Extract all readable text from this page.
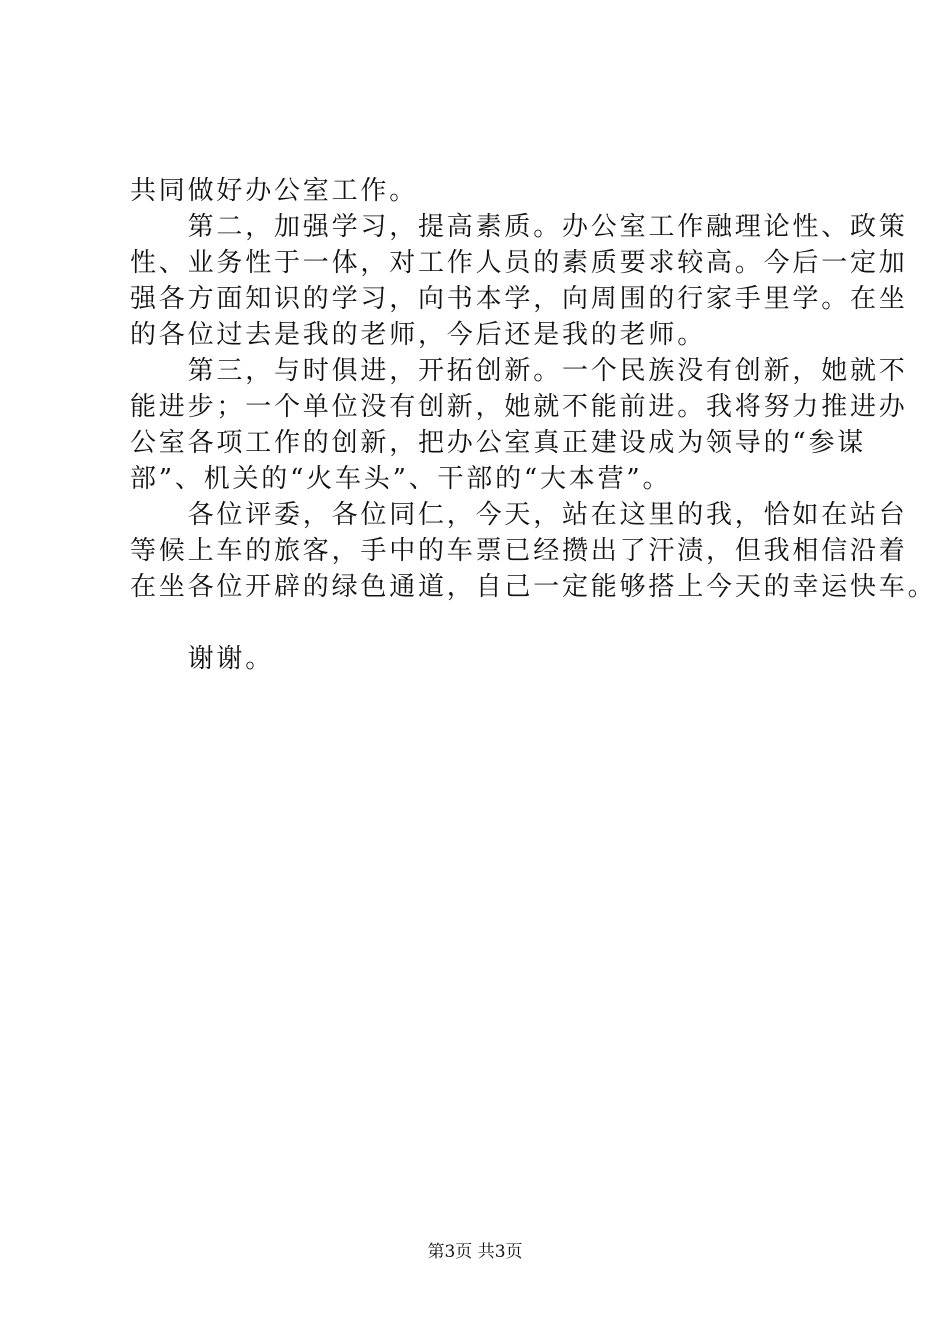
共同做好办公室工作。
　　第二，加强学习，提高素质。办公室工作融理论性、政策
性、业务性于一体，对工作人员的素质要求较高。今后一定加
强各方面知识的学习，向书本学，向周围的行家手里学。在坐
的各位过去是我的老师，今后还是我的老师。
　　第三，与时俱进，开拓创新。一个民族没有创新，她就不
能进步；一个单位没有创新，她就不能前进。我将努力推进办
公室各项工作的创新，把办公室真正建设成为领导的“参谋
部”、机关的“火车头”、干部的“大本营”。
　　各位评委，各位同仁，今天，站在这里的我，恰如在站台
等候上车的旅客，手中的车票已经攒出了汗渍，但我相信沿着
在坐各位开辟的绿色通道，自己一定能够搭上今天的幸运快车。
　　谢谢。
第3页 共3页
